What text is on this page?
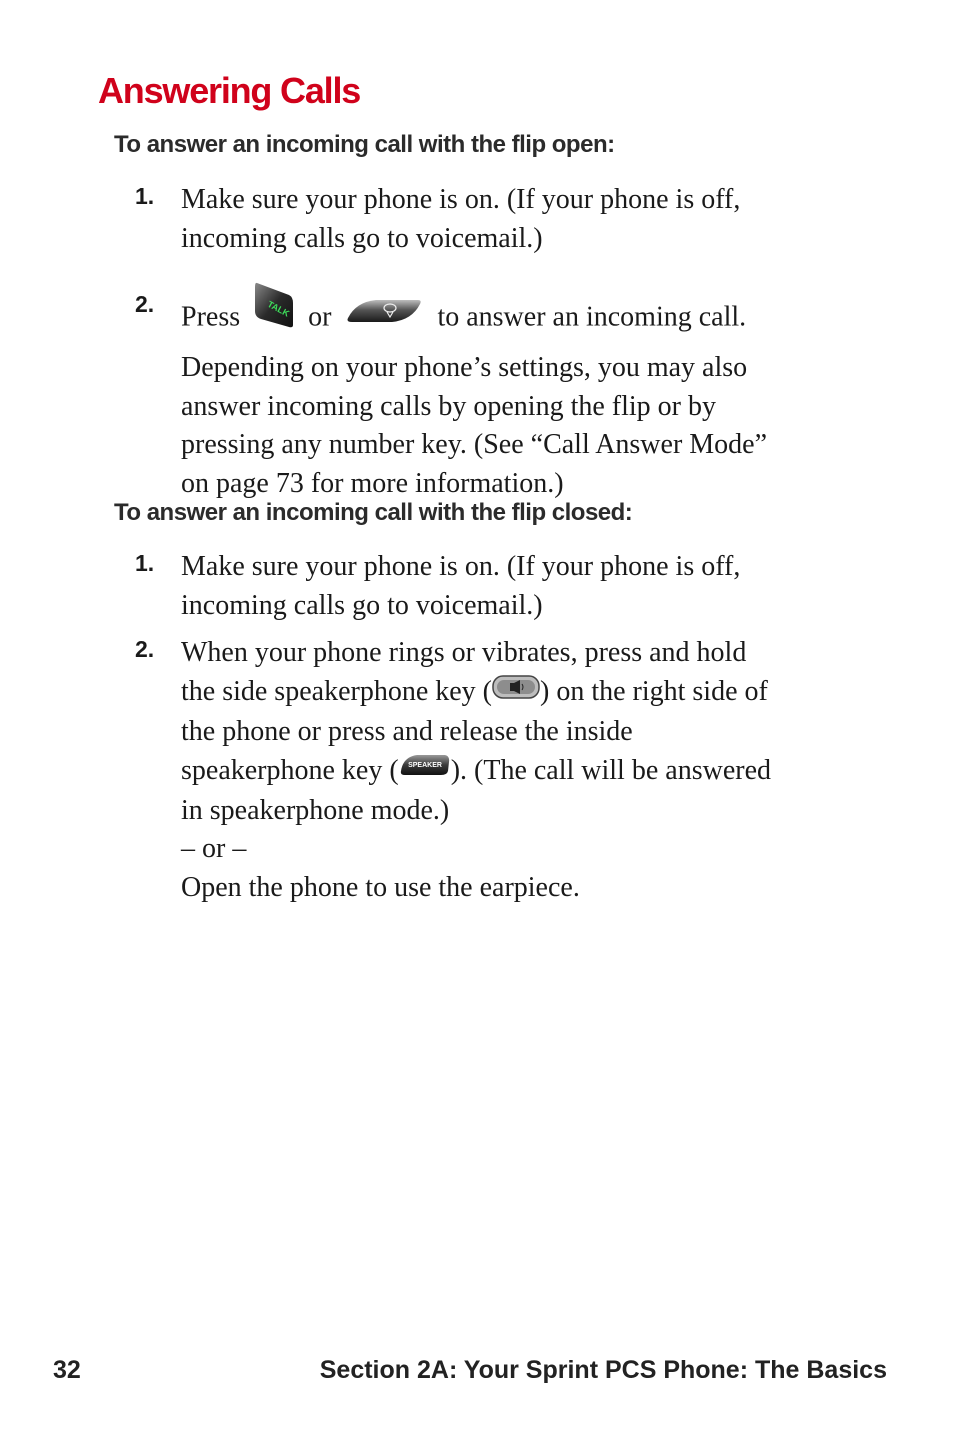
Answering Calls
To answer an incoming call with the flip open:
1. Make sure your phone is on. (If your phone is off,
incoming calls go to voicemail.)
2. Press	TALK or	to answer an incoming call.
Depending on your phone’s settings, you may also
answer incoming calls by opening the flip or by
pressing any number key. (See “Call Answer Mode”
on page 73 for more information.)
To answer an incoming call with the flip closed:
1. Make sure your phone is on. (If your phone is off,
incoming calls go to voicemail.)
2. When your phone rings or vibrates, press and hold
the side speakerphone key ( ) on the right side of
the phone or press and release the inside
speakerphone key ( SPEAKER ). (The call will be answered
in speakerphone mode.)
– or –
Open the phone to use the earpiece.
32	Section 2A: Your Sprint PCS Phone: The Basics
